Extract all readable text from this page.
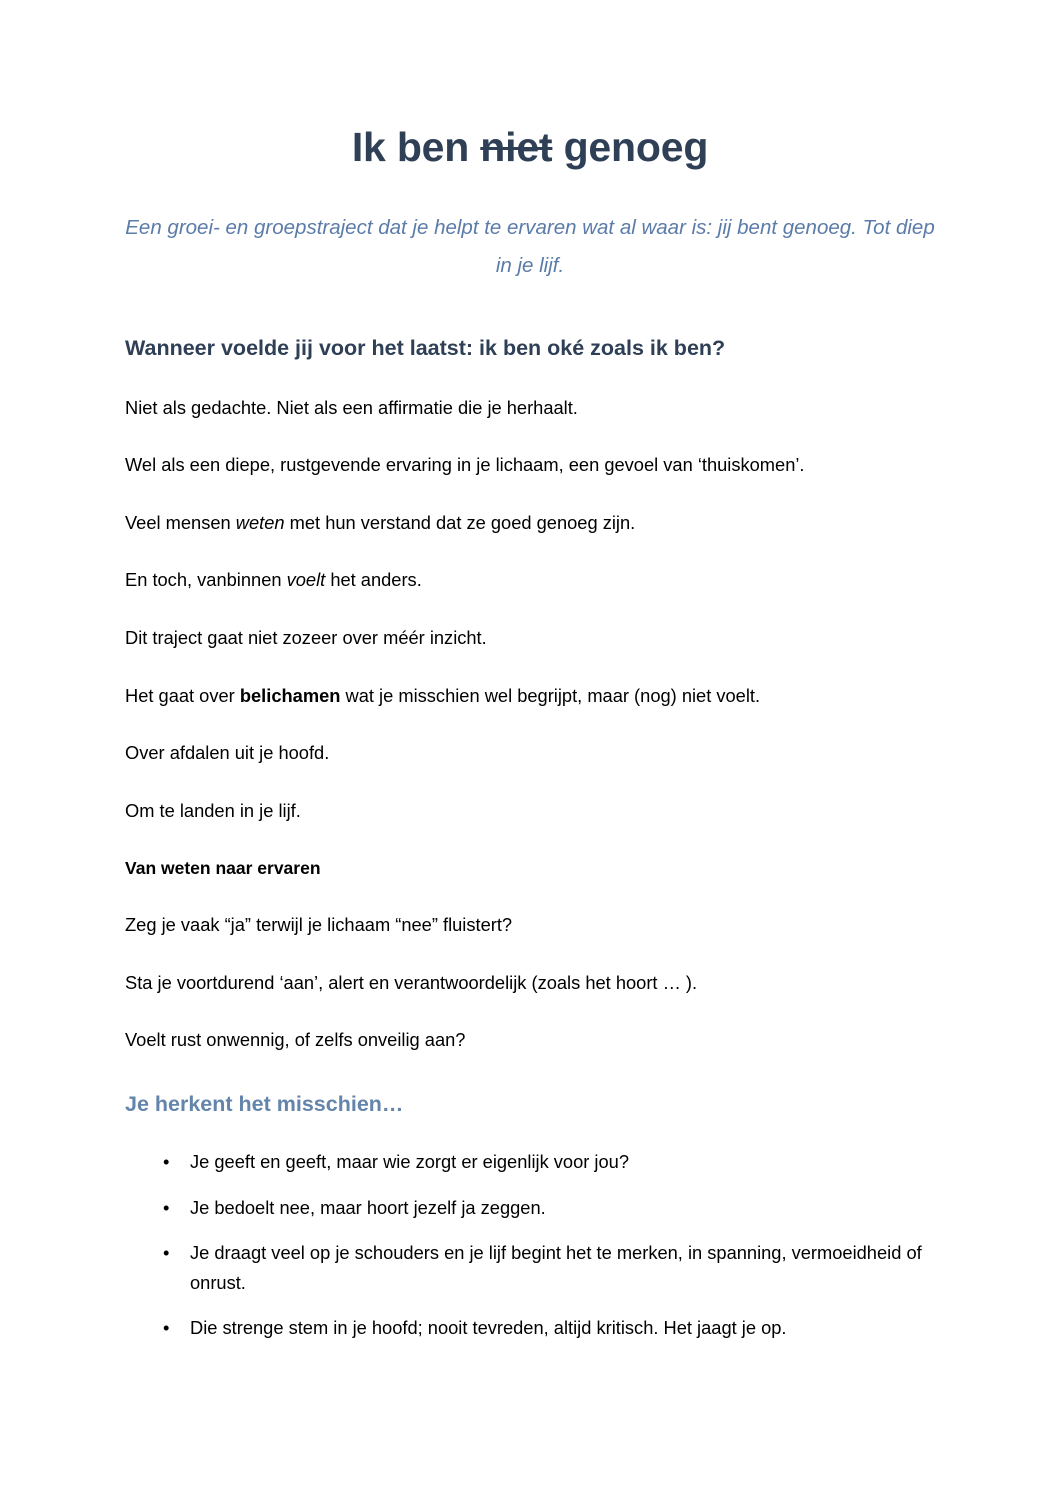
Ik ben niet genoeg

Een groei- en groepstraject dat je helpt te ervaren wat al waar is: jij bent genoeg. Tot diep in je lijf.

Wanneer voelde jij voor het laatst: ik ben oké zoals ik ben?

Niet als gedachte. Niet als een affirmatie die je herhaalt.

Wel als een diepe, rustgevende ervaring in je lichaam, een gevoel van ‘thuiskomen’.

Veel mensen weten met hun verstand dat ze goed genoeg zijn.

En toch, vanbinnen voelt het anders.

Dit traject gaat niet zozeer over méér inzicht.

Het gaat over belichamen wat je misschien wel begrijpt, maar (nog) niet voelt.

Over afdalen uit je hoofd.

Om te landen in je lijf.

Van weten naar ervaren

Zeg je vaak “ja” terwijl je lichaam “nee” fluistert?

Sta je voortdurend ‘aan’, alert en verantwoordelijk (zoals het hoort … ).

Voelt rust onwennig, of zelfs onveilig aan?

Je herkent het misschien…
• Je geeft en geeft, maar wie zorgt er eigenlijk voor jou?
• Je bedoelt nee, maar hoort jezelf ja zeggen.
• Je draagt veel op je schouders en je lijf begint het te merken, in spanning, vermoeidheid of onrust.
• Die strenge stem in je hoofd; nooit tevreden, altijd kritisch. Het jaagt je op.
